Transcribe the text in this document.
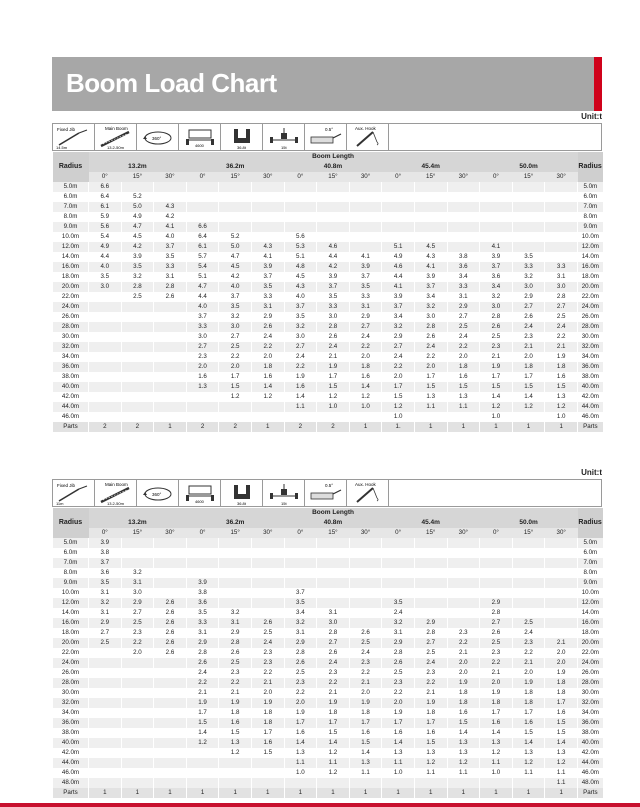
Boom Load Chart
Unit:t
Fixed Jib
14.5m
Main Boom
13.2-50m
360°
4600	36.8t	15t
0.5°	Aux. Hook
Radius	Boom Length															Radius
	13.2m			36.2m			40.8m			45.4m			50.0m			
	0°	15°	30°	0°	15°	30°	0°	15°	30°	0°	15°	30°	0°	15°	30°	
5.0m	6.6															5.0m
6.0m	6.4	5.2														6.0m
7.0m	6.1	5.0	4.3													7.0m
8.0m	5.9	4.9	4.2													8.0m
9.0m	5.6	4.7	4.1	6.6												9.0m
10.0m	5.4	4.5	4.0	6.4	5.2		5.6									10.0m
12.0m	4.9	4.2	3.7	6.1	5.0	4.3	5.3	4.6		5.1	4.5		4.1			12.0m
14.0m	4.4	3.9	3.5	5.7	4.7	4.1	5.1	4.4	4.1	4.9	4.3	3.8	3.9	3.5		14.0m
16.0m	4.0	3.5	3.3	5.4	4.5	3.9	4.8	4.2	3.9	4.6	4.1	3.6	3.7	3.3	3.3	16.0m
18.0m	3.5	3.2	3.1	5.1	4.2	3.7	4.5	3.9	3.7	4.4	3.9	3.4	3.6	3.2	3.1	18.0m
20.0m	3.0	2.8	2.8	4.7	4.0	3.5	4.3	3.7	3.5	4.1	3.7	3.3	3.4	3.0	3.0	20.0m
22.0m		2.5	2.6	4.4	3.7	3.3	4.0	3.5	3.3	3.9	3.4	3.1	3.2	2.9	2.8	22.0m
24.0m				4.0	3.5	3.1	3.7	3.3	3.1	3.7	3.2	2.9	3.0	2.7	2.7	24.0m
26.0m				3.7	3.2	2.9	3.5	3.0	2.9	3.4	3.0	2.7	2.8	2.6	2.5	26.0m
28.0m				3.3	3.0	2.6	3.2	2.8	2.7	3.2	2.8	2.5	2.6	2.4	2.4	28.0m
30.0m				3.0	2.7	2.4	3.0	2.6	2.4	2.9	2.6	2.4	2.5	2.3	2.2	30.0m
32.0m				2.7	2.5	2.2	2.7	2.4	2.2	2.7	2.4	2.2	2.3	2.1	2.1	32.0m
34.0m				2.3	2.2	2.0	2.4	2.1	2.0	2.4	2.2	2.0	2.1	2.0	1.9	34.0m
36.0m				2.0	2.0	1.8	2.2	1.9	1.8	2.2	2.0	1.8	1.9	1.8	1.8	36.0m
38.0m				1.6	1.7	1.6	1.9	1.7	1.6	2.0	1.7	1.6	1.7	1.7	1.6	38.0m
40.0m				1.3	1.5	1.4	1.6	1.5	1.4	1.7	1.5	1.5	1.5	1.5	1.5	40.0m
42.0m					1.2	1.2	1.4	1.2	1.2	1.5	1.3	1.3	1.4	1.4	1.3	42.0m
44.0m							1.1	1.0	1.0	1.2	1.1	1.1	1.2	1.2	1.2	44.0m
46.0m										1.0			1.0		1.0	46.0m
Parts	2	2	1	2	2	1	2	2	1	1.	1	1	1	1	1	Parts
Unit:t
Fixed Jib
11m
Main Boom
13.2-50m
360°
4600	36.8t	15t
0.5°	Aux. Hook
Radius	Boom Length															Radius
	13.2m			36.2m			40.8m			45.4m			50.0m			
	0°	15°	30°	0°	15°	30°	0°	15°	30°	0°	15°	30°	0°	15°	30°	
5.0m	3.9															5.0m
6.0m	3.8															6.0m
7.0m	3.7															7.0m
8.0m	3.6	3.2														8.0m
9.0m	3.5	3.1		3.9												9.0m
10.0m	3.1	3.0		3.8			3.7									10.0m
12.0m	3.2	2.9	2.6	3.6			3.5			3.5			2.9			12.0m
14.0m	3.1	2.7	2.6	3.5	3.2		3.4	3.1		2.4			2.8			14.0m
16.0m	2.9	2.5	2.6	3.3	3.1	2.6	3.2	3.0		3.2	2.9		2.7	2.5		16.0m
18.0m	2.7	2.3	2.6	3.1	2.9	2.5	3.1	2.8	2.6	3.1	2.8	2.3	2.6	2.4		18.0m
20.0m	2.5	2.2	2.6	2.9	2.8	2.4	2.9	2.7	2.5	2.9	2.7	2.2	2.5	2.3	2.1	20.0m
22.0m		2.0	2.6	2.8	2.6	2.3	2.8	2.6	2.4	2.8	2.5	2.1	2.3	2.2	2.0	22.0m
24.0m				2.6	2.5	2.3	2.6	2.4	2.3	2.6	2.4	2.0	2.2	2.1	2.0	24.0m
26.0m				2.4	2.3	2.2	2.5	2.3	2.2	2.5	2.3	2.0	2.1	2.0	1.9	26.0m
28.0m				2.2	2.2	2.1	2.3	2.2	2.1	2.3	2.2	1.9	2.0	1.9	1.8	28.0m
30.0m				2.1	2.1	2.0	2.2	2.1	2.0	2.2	2.1	1.8	1.9	1.8	1.8	30.0m
32.0m				1.9	1.9	1.9	2.0	1.9	1.9	2.0	1.9	1.8	1.8	1.8	1.7	32.0m
34.0m				1.7	1.8	1.8	1.9	1.8	1.8	1.9	1.8	1.6	1.7	1.7	1.6	34.0m
36.0m				1.5	1.6	1.8	1.7	1.7	1.7	1.7	1.7	1.5	1.6	1.6	1.5	36.0m
38.0m				1.4	1.5	1.7	1.6	1.5	1.6	1.6	1.6	1.4	1.4	1.5	1.5	38.0m
40.0m				1.2	1.3	1.6	1.4	1.4	1.5	1.4	1.5	1.3	1.3	1.4	1.4	40.0m
42.0m					1.2	1.5	1.3	1.2	1.4	1.3	1.3	1.3	1.2	1.3	1.3	42.0m
44.0m							1.1	1.1	1.3	1.1	1.2	1.2	1.1	1.2	1.2	44.0m
46.0m							1.0	1.2	1.1	1.0	1.1	1.1	1.0	1.1	1.1	46.0m
48.0m															1.1	48.0m
Parts	1	1	1	1	1	1	1	1	1	1	1	1	1	1	1	Parts
